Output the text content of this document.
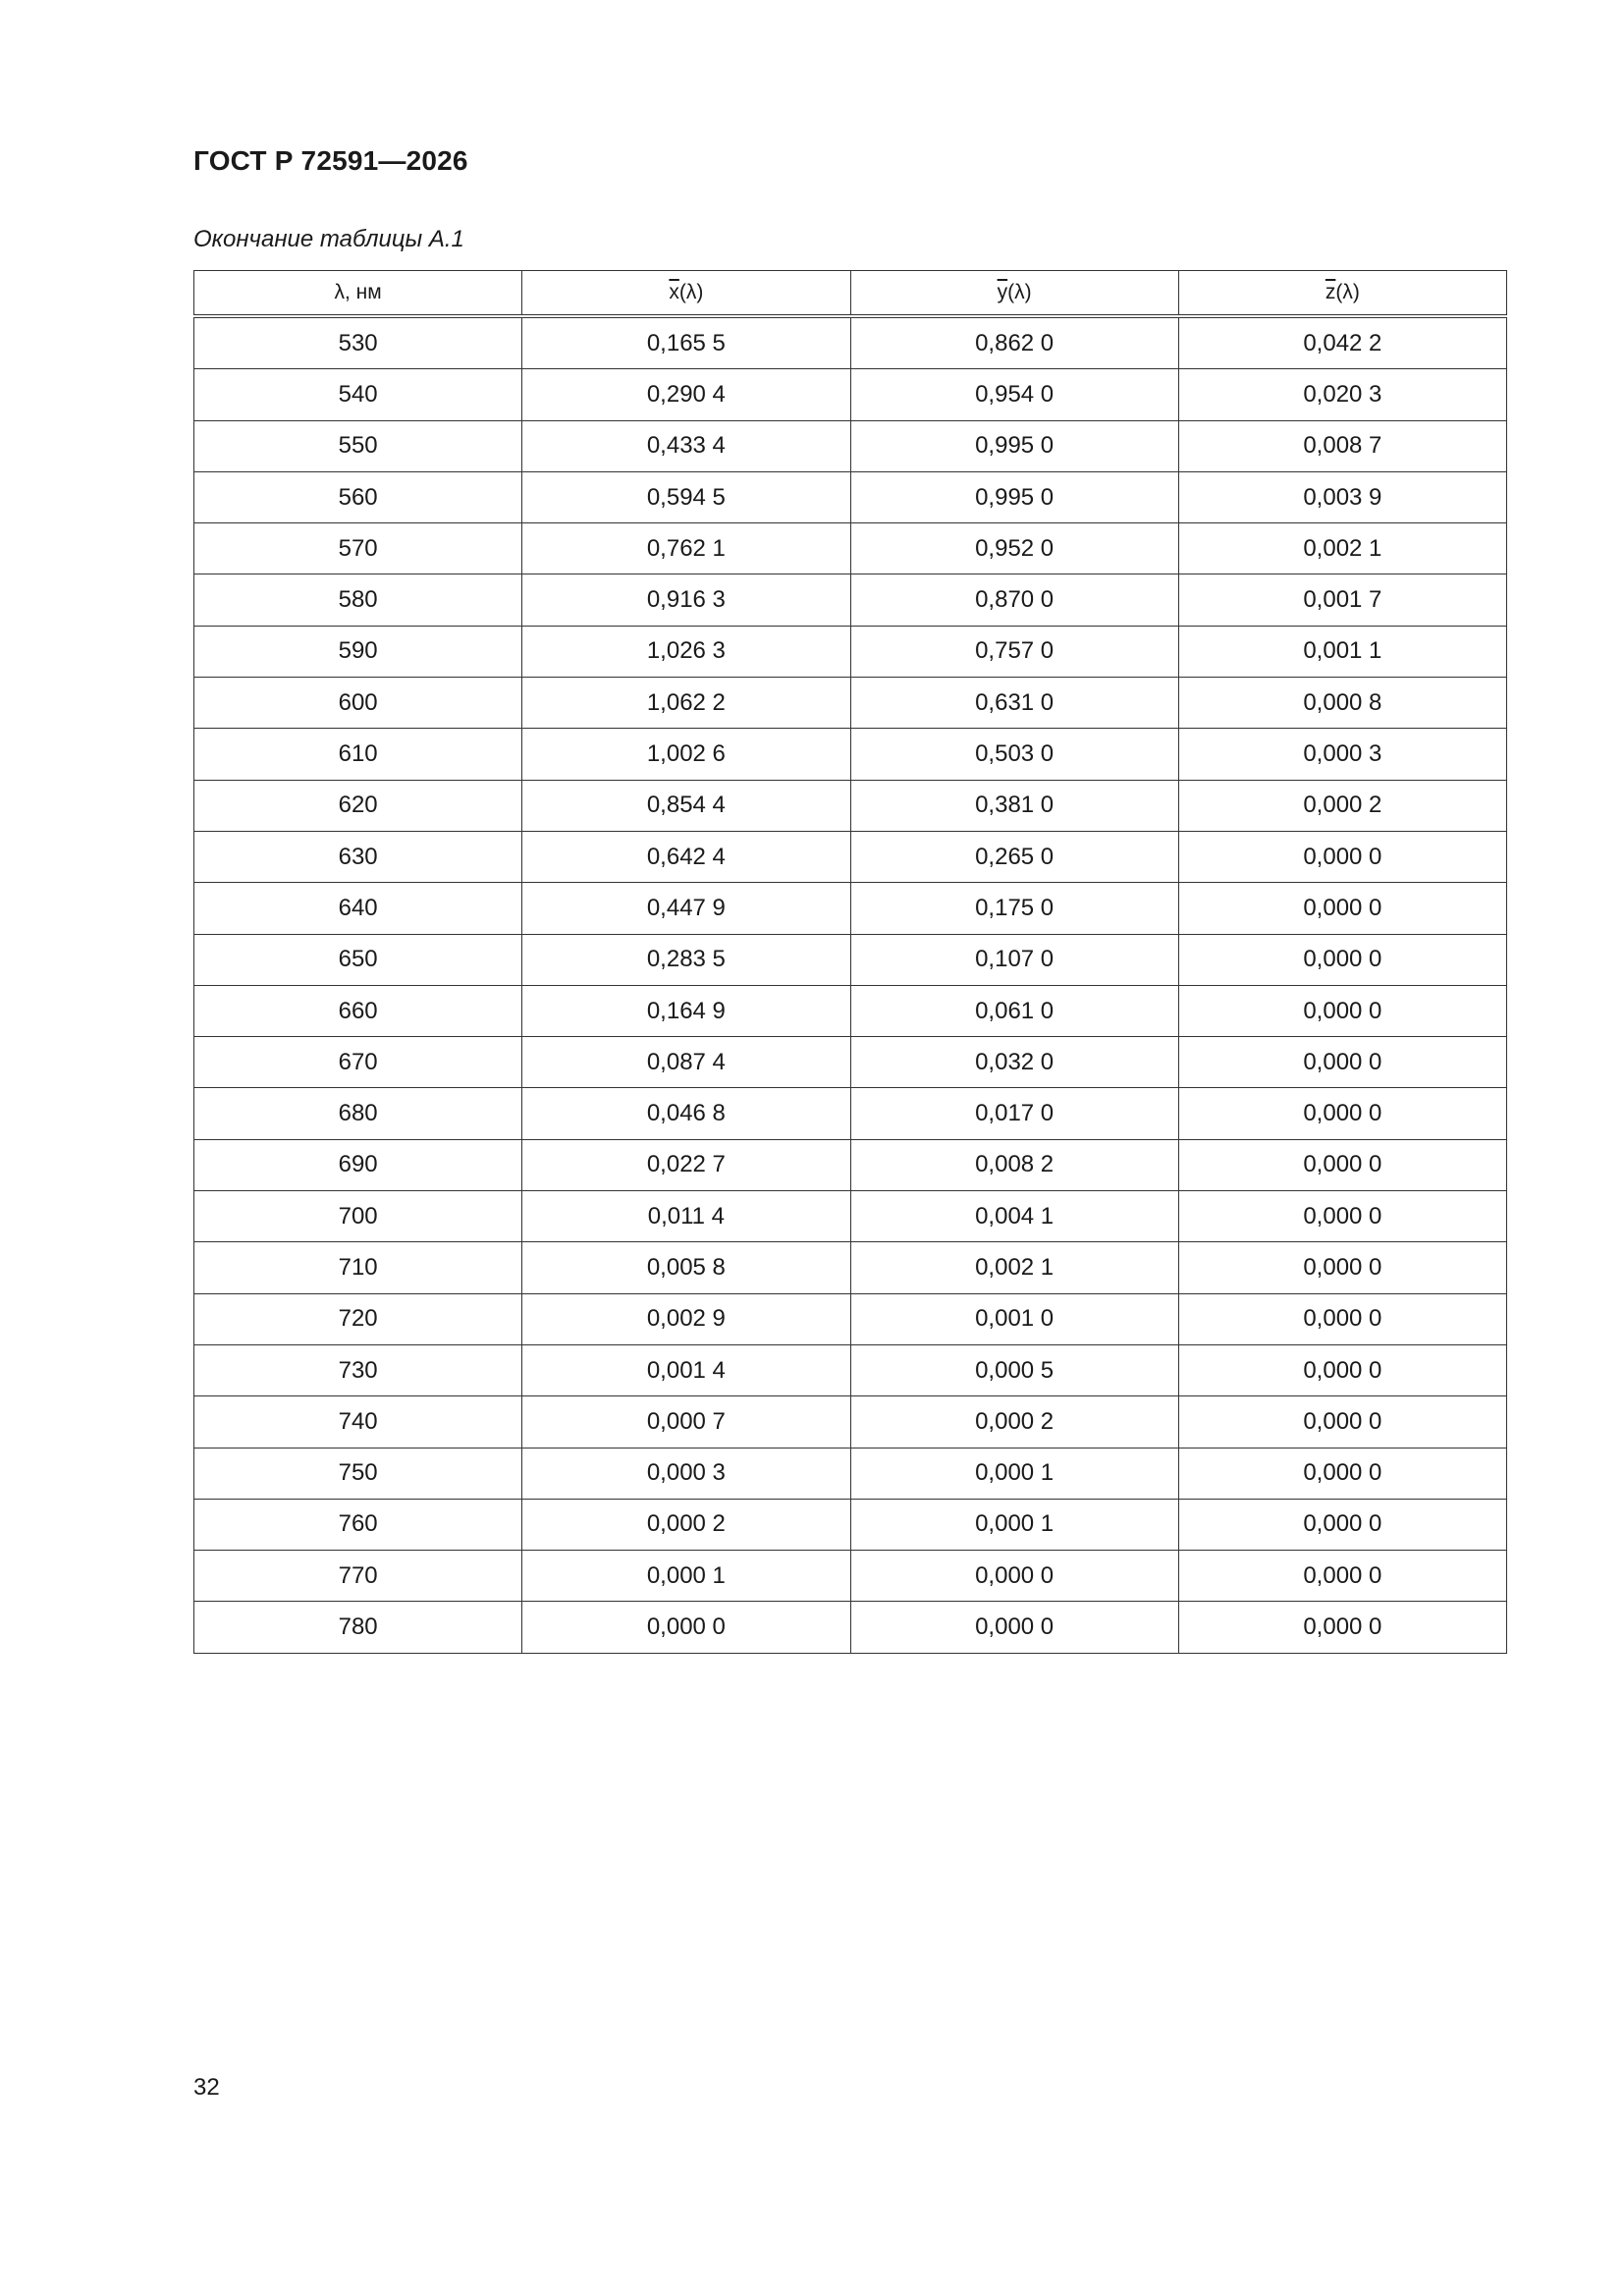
ГОСТ Р 72591—2026
Окончание таблицы А.1
λ, нм	$\overline{x}(\lambda)$	$\overline{y}(\lambda)$	$\overline{z}(\lambda)$
530	0,165 5	0,862 0	0,042 2
540	0,290 4	0,954 0	0,020 3
550	0,433 4	0,995 0	0,008 7
560	0,594 5	0,995 0	0,003 9
570	0,762 1	0,952 0	0,002 1
580	0,916 3	0,870 0	0,001 7
590	1,026 3	0,757 0	0,001 1
600	1,062 2	0,631 0	0,000 8
610	1,002 6	0,503 0	0,000 3
620	0,854 4	0,381 0	0,000 2
630	0,642 4	0,265 0	0,000 0
640	0,447 9	0,175 0	0,000 0
650	0,283 5	0,107 0	0,000 0
660	0,164 9	0,061 0	0,000 0
670	0,087 4	0,032 0	0,000 0
680	0,046 8	0,017 0	0,000 0
690	0,022 7	0,008 2	0,000 0
700	0,011 4	0,004 1	0,000 0
710	0,005 8	0,002 1	0,000 0
720	0,002 9	0,001 0	0,000 0
730	0,001 4	0,000 5	0,000 0
740	0,000 7	0,000 2	0,000 0
750	0,000 3	0,000 1	0,000 0
760	0,000 2	0,000 1	0,000 0
770	0,000 1	0,000 0	0,000 0
780	0,000 0	0,000 0	0,000 0
32
